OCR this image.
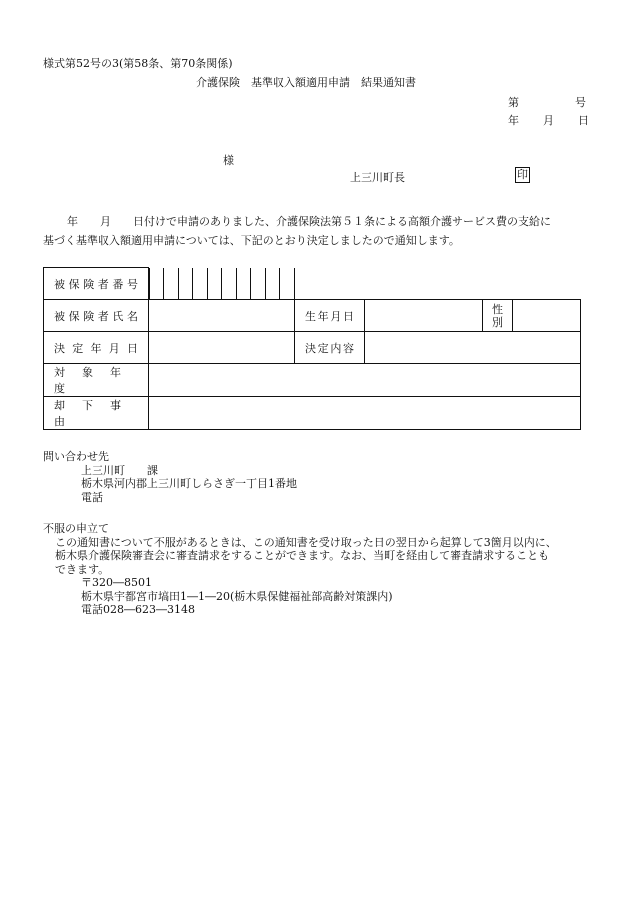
様式第52号の3(第58条、第70条関係)
介護保険　基準収入額適用申請　結果通知書
第	号
年 月 日
様
上三川町長	印

年　　月　　日付けで申請のありました、介護保険法第５１条による高額介護サービス費の支給に

基づく基準収入額適用申請については、下記のとおり決定しましたので通知します。

被保険者番号				

被保険者氏名		生年月日		性
別	
決定年月日		決定内容			
対　象　年　度					
却　下　事　由					
問い合わせ先
上三川町　　課
栃木県河内郡上三川町しらさぎ一丁目1番地
電話
不服の申立て

この通知書について不服があるときは、この通知書を受け取った日の翌日から起算して3箇月以内に、

栃木県介護保険審査会に審査請求をすることができます。なお、当町を経由して審査請求することも

できます。

〒320―8501
栃木県宇都宮市塙田1―1―20(栃木県保健福祉部高齢対策課内)
電話028―623―3148
